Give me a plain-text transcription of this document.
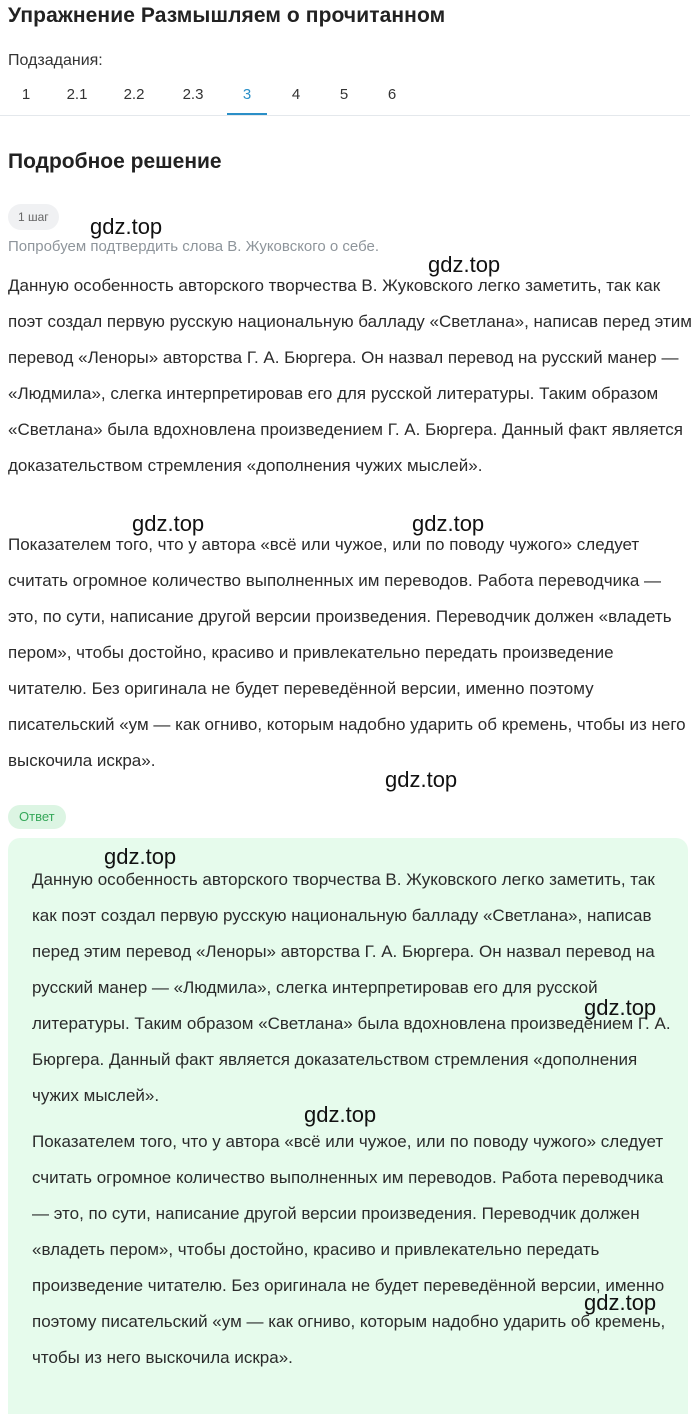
Упражнение Размышляем о прочитанном
Подзадания:
1	2.1	2.2	2.3	3	4	5	6
Подробное решение
1 шаг
Попробуем подтвердить слова В. Жуковского о себе.

Данную особенность авторского творчества В. Жуковского легко заметить, так как поэт создал первую русскую национальную балладу «Светлана», написав перед этим перевод «Леноры» авторства Г. А. Бюргера. Он назвал перевод на русский манер — «Людмила», слегка интерпретировав его для русской литературы. Таким образом «Светлана» была вдохновлена произведением Г. А. Бюргера. Данный факт является доказательством стремления «дополнения чужих мыслей».

Показателем того, что у автора «всё или чужое, или по поводу чужого» следует считать огромное количество выполненных им переводов. Работа переводчика — это, по сути, написание другой версии произведения. Переводчик должен «владеть пером», чтобы достойно, красиво и привлекательно передать произведение читателю. Без оригинала не будет переведённой версии, именно поэтому писательский «ум — как огниво, которым надобно ударить об кремень, чтобы из него выскочила искра».

Ответ

Данную особенность авторского творчества В. Жуковского легко заметить, так как поэт создал первую русскую национальную балладу «Светлана», написав перед этим перевод «Леноры» авторства Г. А. Бюргера. Он назвал перевод на русский манер — «Людмила», слегка интерпретировав его для русской литературы. Таким образом «Светлана» была вдохновлена произведением Г. А. Бюргера. Данный факт является доказательством стремления «дополнения чужих мыслей».

Показателем того, что у автора «всё или чужое, или по поводу чужого» следует считать огромное количество выполненных им переводов. Работа переводчика — это, по сути, написание другой версии произведения. Переводчик должен «владеть пером», чтобы достойно, красиво и привлекательно передать произведение читателю. Без оригинала не будет переведённой версии, именно поэтому писательский «ум — как огниво, которым надобно ударить об кремень, чтобы из него выскочила искра».

gdz.top
gdz.top
gdz.top	gdz.top
gdz.top
gdz.top
gdz.top
gdz.top
gdz.top
